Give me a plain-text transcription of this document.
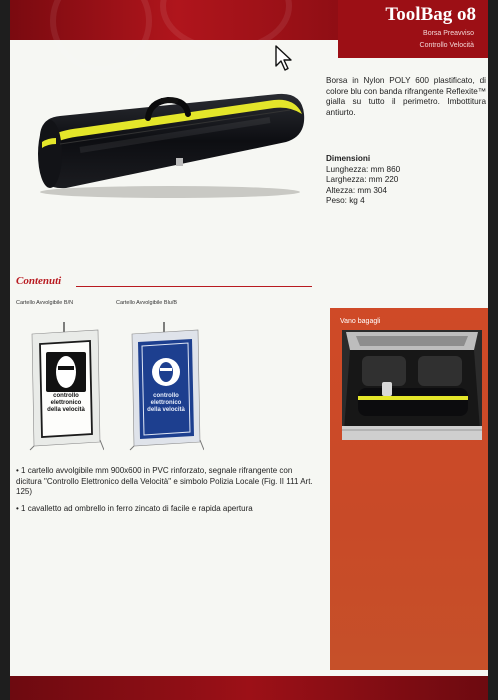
ToolBag o8
Borsa Preavviso
Controllo Velocità
Borsa in Nylon POLY 600 plastificato, di colore blu con banda rifrangente Reflexite™ gialla su tutto il perimetro. Imbottitura antiurto.
Dimensioni
Lunghezza: mm 860
Larghezza: mm 220
Altezza: mm 304
Peso: kg 4
Contenuti
Cartello Avvolgibile B/N	Cartello Avvolgibile Blu/B
controllo
elettronico
della velocità
controllo
elettronico
della velocità

• 1 cartello avvolgibile mm 900x600 in PVC rinforzato, segnale rifrangente con dicitura "Controllo Elettronico della Velocità" e simbolo Polizia Locale (Fig. II 111 Art. 125)

• 1 cavalletto ad ombrello in ferro zincato di facile e rapida apertura

Vano bagagli
